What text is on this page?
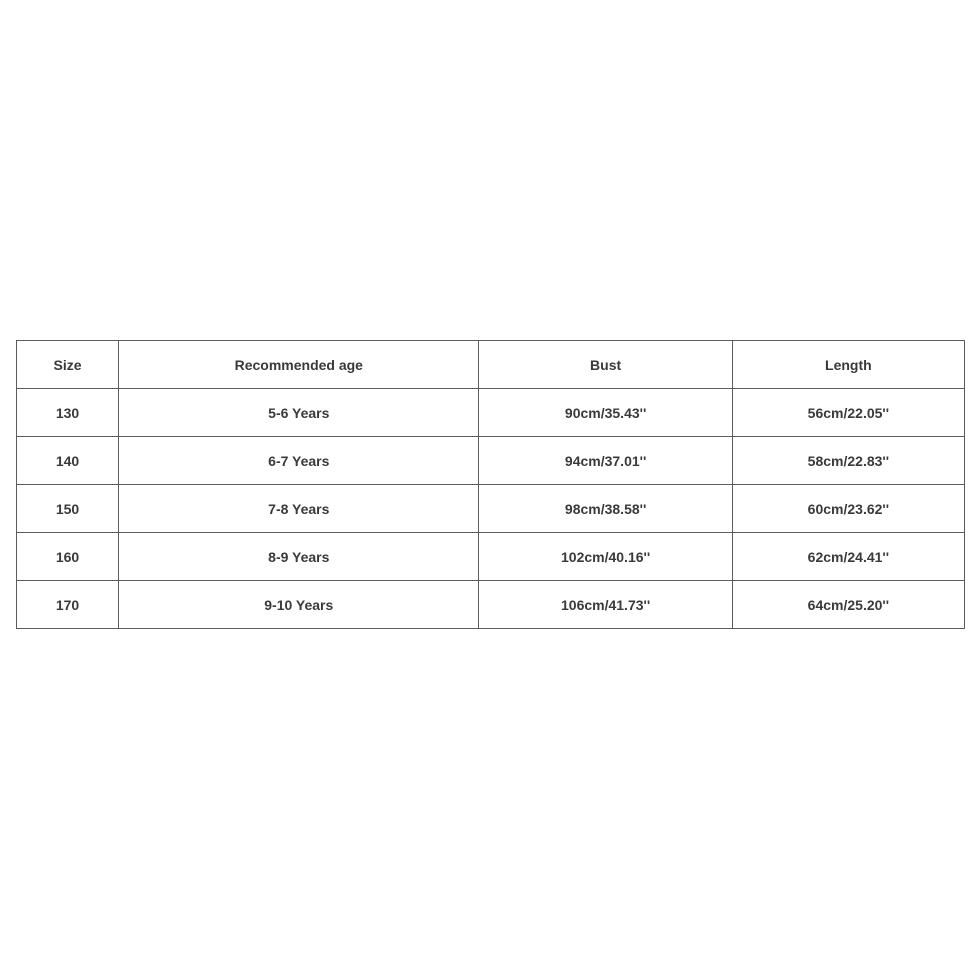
Size	Recommended age	Bust	Length
130	5-6 Years	90cm/35.43''	56cm/22.05''
140	6-7 Years	94cm/37.01''	58cm/22.83''
150	7-8 Years	98cm/38.58''	60cm/23.62''
160	8-9 Years	102cm/40.16''	62cm/24.41''
170	9-10 Years	106cm/41.73''	64cm/25.20''
